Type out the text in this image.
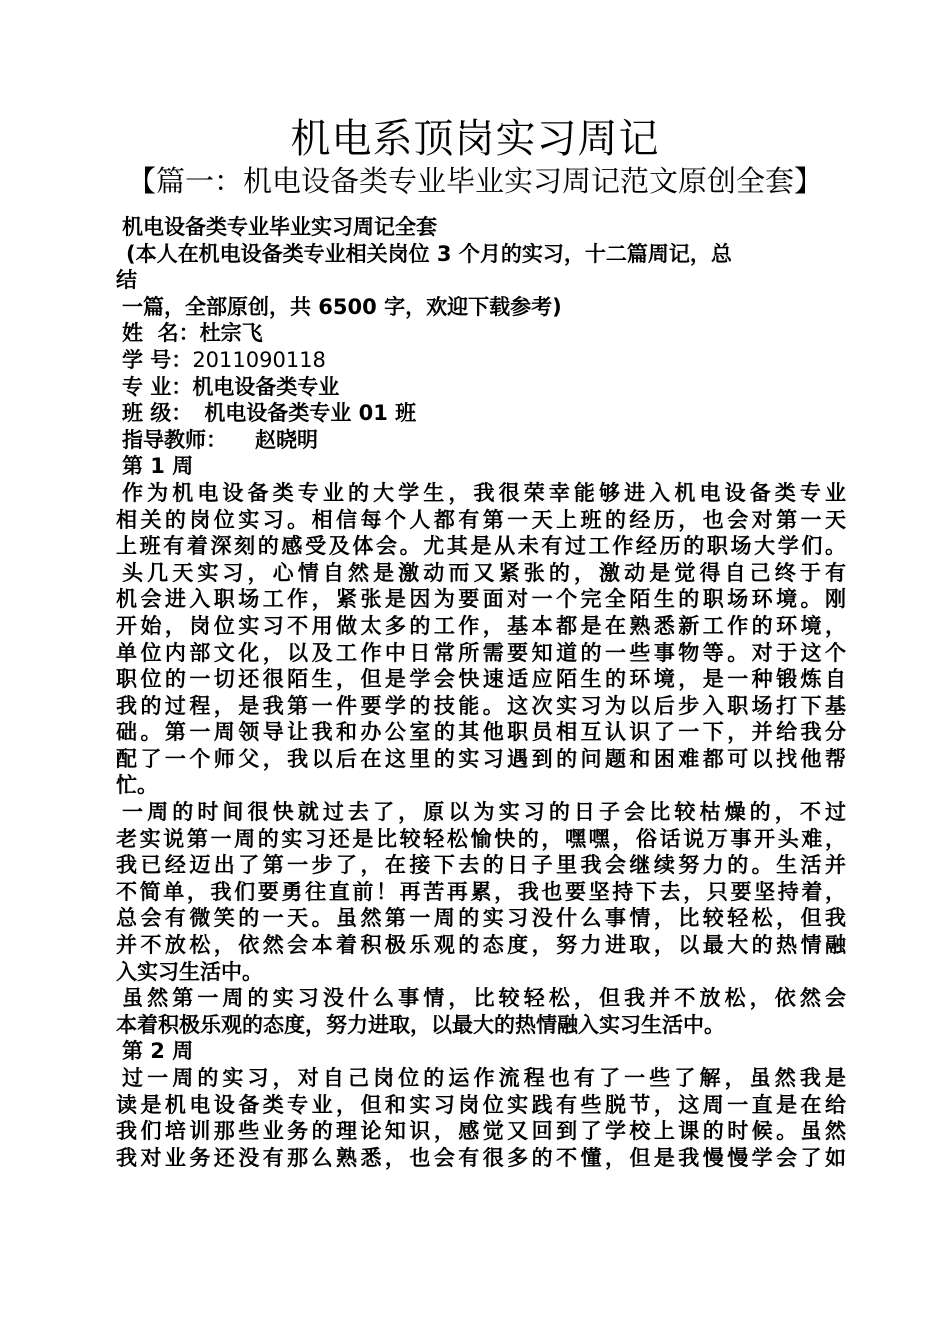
机电系顶岗实习周记
【篇一：机电设备类专业毕业实习周记范文原创全套】
机电设备类专业毕业实习周记全套
(本人在机电设备类专业相关岗位 3 个月的实习，十二篇周记，总
结
一篇，全部原创，共 6500 字，欢迎下载参考)
姓  名：杜宗飞
学 号：2011090118
专 业：机电设备类专业
班 级： 机电设备类专业 01 班
指导教师： 赵晓明
第 1 周
作为机电设备类专业的大学生，我很荣幸能够进入机电设备类专业
相关的岗位实习。相信每个人都有第一天上班的经历，也会对第一天
上班有着深刻的感受及体会。尤其是从未有过工作经历的职场大学们。
头几天实习，心情自然是激动而又紧张的，激动是觉得自己终于有
机会进入职场工作，紧张是因为要面对一个完全陌生的职场环境。刚
开始，岗位实习不用做太多的工作，基本都是在熟悉新工作的环境，
单位内部文化，以及工作中日常所需要知道的一些事物等。对于这个
职位的一切还很陌生，但是学会快速适应陌生的环境，是一种锻炼自
我的过程，是我第一件要学的技能。这次实习为以后步入职场打下基
础。第一周领导让我和办公室的其他职员相互认识了一下，并给我分
配了一个师父，我以后在这里的实习遇到的问题和困难都可以找他帮
忙。
一周的时间很快就过去了，原以为实习的日子会比较枯燥的，不过
老实说第一周的实习还是比较轻松愉快的，嘿嘿，俗话说万事开头难，
我已经迈出了第一步了，在接下去的日子里我会继续努力的。生活并
不简单，我们要勇往直前！再苦再累，我也要坚持下去，只要坚持着，
总会有微笑的一天。虽然第一周的实习没什么事情，比较轻松，但我
并不放松，依然会本着积极乐观的态度，努力进取，以最大的热情融
入实习生活中。
虽然第一周的实习没什么事情，比较轻松，但我并不放松，依然会
本着积极乐观的态度，努力进取，以最大的热情融入实习生活中。
第 2 周
过一周的实习，对自己岗位的运作流程也有了一些了解，虽然我是
读是机电设备类专业，但和实习岗位实践有些脱节，这周一直是在给
我们培训那些业务的理论知识，感觉又回到了学校上课的时候。虽然
我对业务还没有那么熟悉，也会有很多的不懂，但是我慢慢学会了如
